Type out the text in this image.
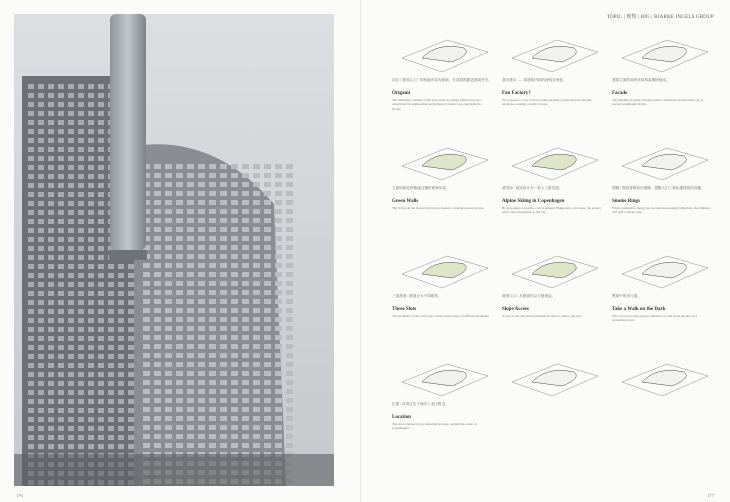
TOPIC | 观察 | BIG | BJARKE INGELS GROUP
176	177
项目 / 我们以工厂的机能布局为基础，在其周围建造建筑外壳。
Origami
The industrial volumes of the new waste-to-energy plant have been determined by engineering and technical criteria; we wrap them in a facade.
我们建议……将建筑内部的流线空间化。
Fan Factory?
We propose to carry forward some necessary plant services onto the envelope, creating a public facade.
建筑立面的砖块状结构由模块组成。
Facade
The building is partly wrapped with a continuous facade made out of stacked aluminium bricks.
立面的绿化种植通过模块系统实现。
Green Walls
The bricks on the facade function as planters, creating a green facade.
滑雪场 / 屋顶设计为一条人工滑雪道。
Alpine Skiing in Copenhagen
By proposing to turn the roof of Amager Bakke into a ski slope, the project adds a new destination to the city.
烟圈 / 烟囱将释放出烟圈，提醒人们二氧化碳排放的问题。
Smoke Rings
While sustainable energy has become increasingly important, the chimney will puff a smoke ring.
三条滑道 / 滑道分为不同难度。
Three Slots
The geometry of the roof-scape creates three slopes of different gradients.
滑坡入口 / 从街道可以方便到达。
Slope Access
Access to the ski piste is through an elevator ride to the roof.
黑暗中的步行道。
Take a Walk on the Dark
The roof is not only going to function as a ski slope but also as a recreational area.
位置 / 该项目位于城市工业区附近。
Location
The site is situated in an industrial area just outside the center of Copenhagen.
